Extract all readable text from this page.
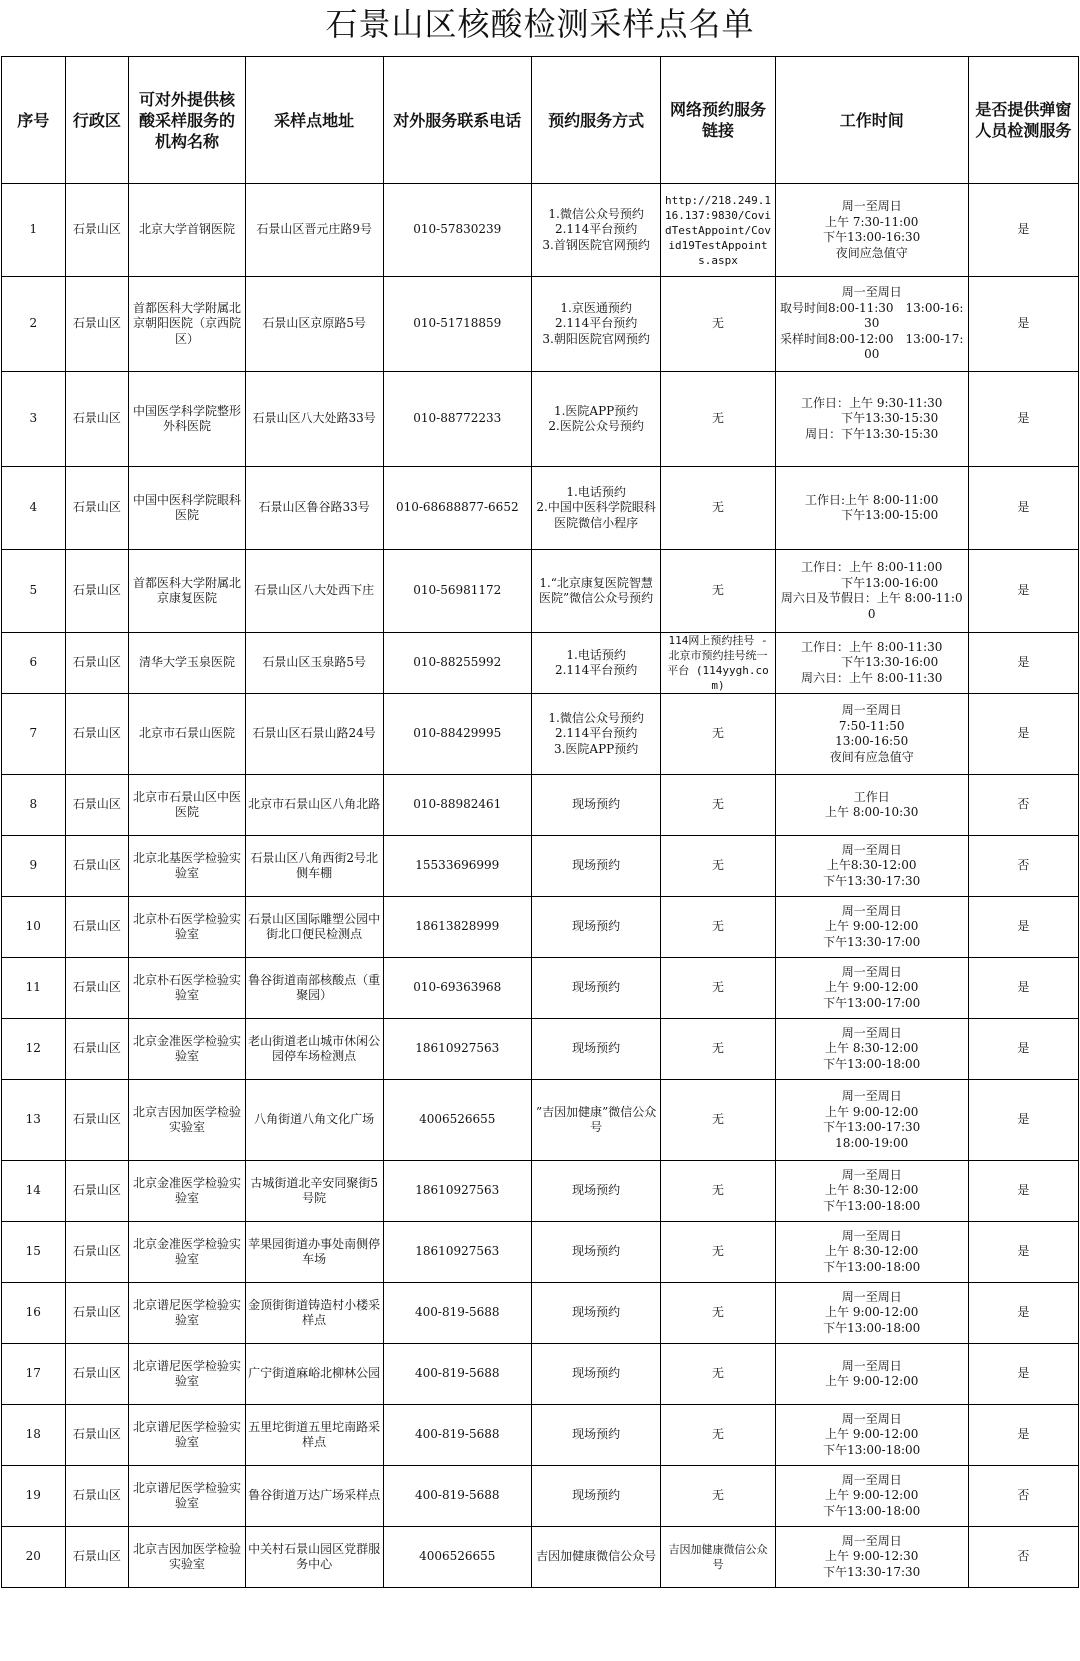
石景山区核酸检测采样点名单
序号	行政区	可对外提供核酸采样服务的机构名称	采样点地址	对外服务联系电话	预约服务方式	网络预约服务链接	工作时间	是否提供弹窗人员检测服务
1	石景山区	北京大学首钢医院	石景山区晋元庄路9号	010-57830239	1.微信公众号预约
2.114平台预约
3.首钢医院官网预约	http://218.249.116.137:9830/CovidTestAppoint/Covid19TestAppoints.aspx	周一至周日
上午 7:30-11:00
下午13:00-16:30
夜间应急值守	是
2	石景山区	首都医科大学附属北京朝阳医院（京西院区）	石景山区京原路5号	010-51718859	1.京医通预约
2.114平台预约
3.朝阳医院官网预约	无	周一至周日
取号时间8:00-11:30　13:00-16:30
采样时间8:00-12:00　13:00-17:00	是
3	石景山区	中国医学科学院整形外科医院	石景山区八大处路33号	010-88772233	1.医院APP预约
2.医院公众号预约	无	工作日：上午 9:30-11:30
　　　下午13:30-15:30
周日：下午13:30-15:30	是
4	石景山区	中国中医科学院眼科医院	石景山区鲁谷路33号	010-68688877-6652	1.电话预约
2.中国中医科学院眼科医院微信小程序	无	工作日:上午 8:00-11:00
　　　下午13:00-15:00	是
5	石景山区	首都医科大学附属北京康复医院	石景山区八大处西下庄	010-56981172	1.“北京康复医院智慧医院”微信公众号预约	无	工作日：上午 8:00-11:00
　　　下午13:00-16:00
周六日及节假日：上午 8:00-11:00	是
6	石景山区	清华大学玉泉医院	石景山区玉泉路5号	010-88255992	1.电话预约
2.114平台预约	114网上预约挂号 - 北京市预约挂号统一平台 (114yygh.com)	工作日：上午 8:00-11:30
　　　下午13:30-16:00
周六日：上午 8:00-11:30	是
7	石景山区	北京市石景山医院	石景山区石景山路24号	010-88429995	1.微信公众号预约
2.114平台预约
3.医院APP预约	无	周一至周日
7:50-11:50
13:00-16:50
夜间有应急值守	是
8	石景山区	北京市石景山区中医医院	北京市石景山区八角北路	010-88982461	现场预约	无	工作日
上午 8:00-10:30	否
9	石景山区	北京北基医学检验实验室	石景山区八角西街2号北侧车棚	15533696999	现场预约	无	周一至周日
上午8:30-12:00
下午13:30-17:30	否
10	石景山区	北京朴石医学检验实验室	石景山区国际雕塑公园中街北口便民检测点	18613828999	现场预约	无	周一至周日
上午 9:00-12:00
下午13:30-17:00	是
11	石景山区	北京朴石医学检验实验室	鲁谷街道南部核酸点（重聚园）	010-69363968	现场预约	无	周一至周日
上午 9:00-12:00
下午13:00-17:00	是
12	石景山区	北京金准医学检验实验室	老山街道老山城市休闲公园停车场检测点	18610927563	现场预约	无	周一至周日
上午 8:30-12:00
下午13:00-18:00	是
13	石景山区	北京吉因加医学检验实验室	八角街道八角文化广场	4006526655	”吉因加健康”微信公众号	无	周一至周日
上午 9:00-12:00
下午13:00-17:30
18:00-19:00	是
14	石景山区	北京金准医学检验实验室	古城街道北辛安同聚街5号院	18610927563	现场预约	无	周一至周日
上午 8:30-12:00
下午13:00-18:00	是
15	石景山区	北京金准医学检验实验室	苹果园街道办事处南侧停车场	18610927563	现场预约	无	周一至周日
上午 8:30-12:00
下午13:00-18:00	是
16	石景山区	北京谱尼医学检验实验室	金顶街街道铸造村小楼采样点	400-819-5688	现场预约	无	周一至周日
上午 9:00-12:00
下午13:00-18:00	是
17	石景山区	北京谱尼医学检验实验室	广宁街道麻峪北柳林公园	400-819-5688	现场预约	无	周一至周日
上午 9:00-12:00	是
18	石景山区	北京谱尼医学检验实验室	五里坨街道五里坨南路采样点	400-819-5688	现场预约	无	周一至周日
上午 9:00-12:00
下午13:00-18:00	是
19	石景山区	北京谱尼医学检验实验室	鲁谷街道万达广场采样点	400-819-5688	现场预约	无	周一至周日
上午 9:00-12:00
下午13:00-18:00	否
20	石景山区	北京吉因加医学检验实验室	中关村石景山园区党群服务中心	4006526655	吉因加健康微信公众号	吉因加健康微信公众号	周一至周日
上午 9:00-12:30
下午13:30-17:30	否
